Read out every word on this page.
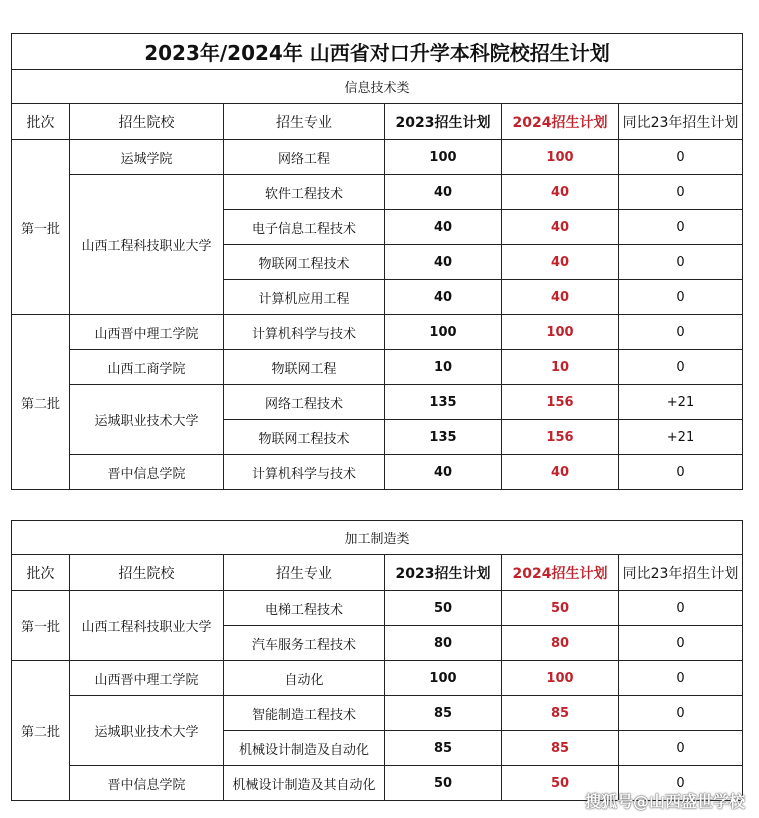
2023年/2024年 山西省对口升学本科院校招生计划					
信息技术类					
批次	招生院校	招生专业	2023招生计划	2024招生计划	同比23年招生计划
第一批	运城学院	网络工程	100	100	0
	山西工程科技职业大学	软件工程技术	40	40	0
		电子信息工程技术	40	40	0
		物联网工程技术	40	40	0
		计算机应用工程	40	40	0
第二批	山西晋中理工学院	计算机科学与技术	100	100	0
	山西工商学院	物联网工程	10	10	0
	运城职业技术大学	网络工程技术	135	156	+21
		物联网工程技术	135	156	+21
	晋中信息学院	计算机科学与技术	40	40	0
加工制造类					
批次	招生院校	招生专业	2023招生计划	2024招生计划	同比23年招生计划
第一批	山西工程科技职业大学	电梯工程技术	50	50	0
		汽车服务工程技术	80	80	0
第二批	山西晋中理工学院	自动化	100	100	0
	运城职业技术大学	智能制造工程技术	85	85	0
		机械设计制造及自动化	85	85	0
	晋中信息学院	机械设计制造及其自动化	50	50	0
搜狐号@山西盛世学校
